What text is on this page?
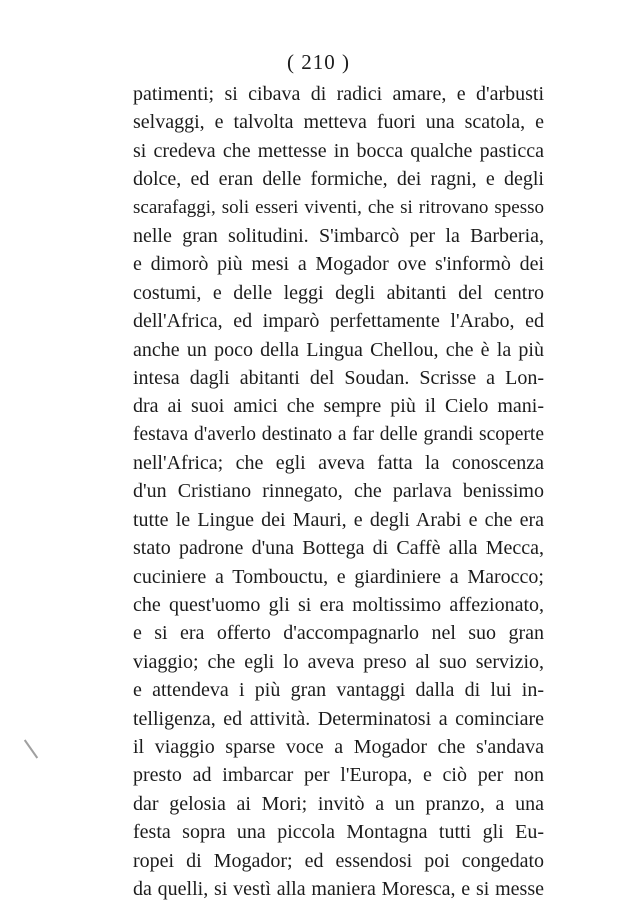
( 210 )
patimenti; si cibava di radici amare, e d'arbusti
selvaggi, e talvolta metteva fuori una scatola, e
si credeva che mettesse in bocca qualche pasticca
dolce, ed eran delle formiche, dei ragni, e degli
scarafaggi, soli esseri viventi, che si ritrovano spesso
nelle gran solitudini. S'imbarcò per la Barberia,
e dimorò più mesi a Mogador ove s'informò dei
costumi, e delle leggi degli abitanti del centro
dell'Africa, ed imparò perfettamente l'Arabo, ed
anche un poco della Lingua Chellou, che è la più
intesa dagli abitanti del Soudan. Scrisse a Lon-
dra ai suoi amici che sempre più il Cielo mani-
festava d'averlo destinato a far delle grandi scoperte
nell'Africa; che egli aveva fatta la conoscenza
d'un Cristiano rinnegato, che parlava benissimo
tutte le Lingue dei Mauri, e degli Arabi e che era
stato padrone d'una Bottega di Caffè alla Mecca,
cuciniere a Tombouctu, e giardiniere a Marocco;
che quest'uomo gli si era moltissimo affezionato,
e si era offerto d'accompagnarlo nel suo gran
viaggio; che egli lo aveva preso al suo servizio,
e attendeva i più gran vantaggi dalla di lui in-
telligenza, ed attività. Determinatosi a cominciare
il viaggio sparse voce a Mogador che s'andava
presto ad imbarcar per l'Europa, e ciò per non
dar gelosia ai Mori; invitò a un pranzo, a una
festa sopra una piccola Montagna tutti gli Eu-
ropei di Mogador; ed essendosi poi congedato
da quelli, si vestì alla maniera Moresca, e si messe
